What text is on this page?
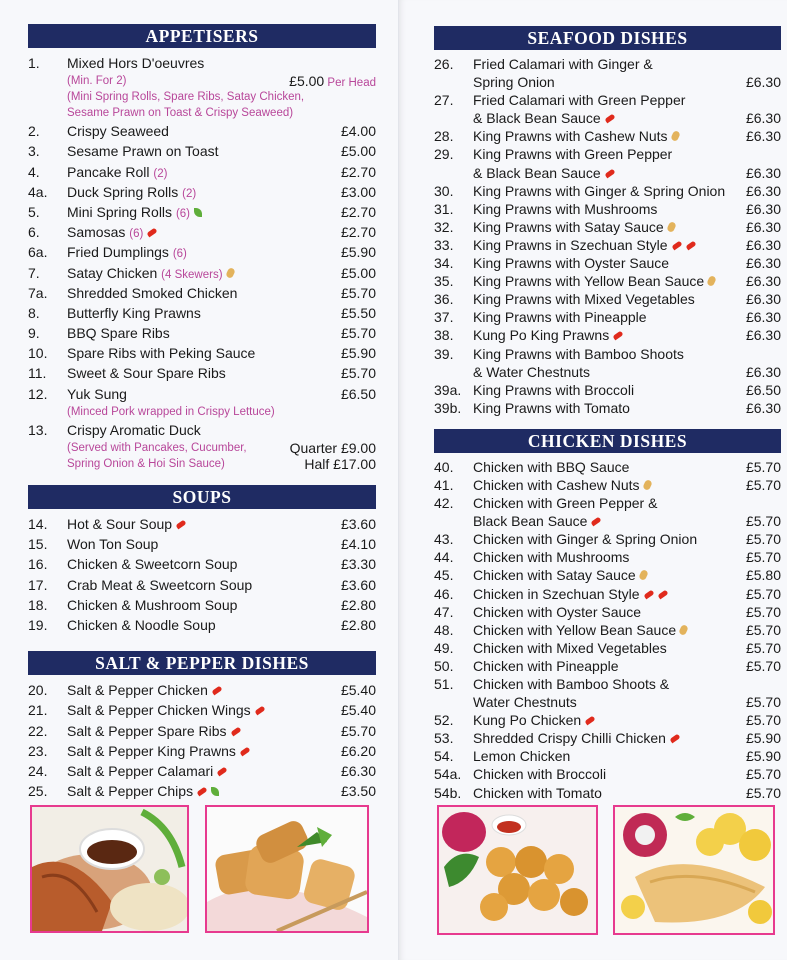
APPETISERS
1. Mixed Hors D'oeuvres
(Min. For 2)	£5.00 Per Head
(Mini Spring Rolls, Spare Ribs, Satay Chicken,
Sesame Prawn on Toast & Crispy Seaweed)
2. Crispy Seaweed	£4.00
3. Sesame Prawn on Toast	£5.00
4. Pancake Roll (2)	£2.70
4a. Duck Spring Rolls (2)	£3.00
5. Mini Spring Rolls (6)	£2.70
6. Samosas (6)	£2.70
6a. Fried Dumplings (6)	£5.90
7. Satay Chicken (4 Skewers)	£5.00
7a. Shredded Smoked Chicken	£5.70
8. Butterfly King Prawns	£5.50
9. BBQ Spare Ribs	£5.70
10. Spare Ribs with Peking Sauce	£5.90
11. Sweet & Sour Spare Ribs	£5.70
12. Yuk Sung	£6.50
(Minced Pork wrapped in Crispy Lettuce)
13. Crispy Aromatic Duck
(Served with Pancakes, Cucumber,	Quarter £9.00
Spring Onion & Hoi Sin Sauce)	Half £17.00
SOUPS
14. Hot & Sour Soup	£3.60
15. Won Ton Soup	£4.10
16. Chicken & Sweetcorn Soup	£3.30
17. Crab Meat & Sweetcorn Soup	£3.60
18. Chicken & Mushroom Soup	£2.80
19. Chicken & Noodle Soup	£2.80
SALT & PEPPER DISHES
20. Salt & Pepper Chicken	£5.40
21. Salt & Pepper Chicken Wings	£5.40
22. Salt & Pepper Spare Ribs	£5.70
23. Salt & Pepper King Prawns	£6.20
24. Salt & Pepper Calamari	£6.30
25. Salt & Pepper Chips	£3.50
SEAFOOD DISHES
26. Fried Calamari with Ginger &
Spring Onion	£6.30
27. Fried Calamari with Green Pepper
& Black Bean Sauce	£6.30
28. King Prawns with Cashew Nuts	£6.30
29. King Prawns with Green Pepper
& Black Bean Sauce	£6.30
30. King Prawns with Ginger & Spring Onion £6.30
31. King Prawns with Mushrooms	£6.30
32. King Prawns with Satay Sauce	£6.30
33. King Prawns in Szechuan Style	£6.30
34. King Prawns with Oyster Sauce	£6.30
35. King Prawns with Yellow Bean Sauce	£6.30
36. King Prawns with Mixed Vegetables	£6.30
37. King Prawns with Pineapple	£6.30
38. Kung Po King Prawns	£6.30
39. King Prawns with Bamboo Shoots
& Water Chestnuts	£6.30
39a. King Prawns with Broccoli	£6.50
39b. King Prawns with Tomato	£6.30
CHICKEN DISHES
40. Chicken with BBQ Sauce	£5.70
41. Chicken with Cashew Nuts	£5.70
42. Chicken with Green Pepper &
Black Bean Sauce	£5.70
43. Chicken with Ginger & Spring Onion	£5.70
44. Chicken with Mushrooms	£5.70
45. Chicken with Satay Sauce	£5.80
46. Chicken in Szechuan Style	£5.70
47. Chicken with Oyster Sauce	£5.70
48. Chicken with Yellow Bean Sauce	£5.70
49. Chicken with Mixed Vegetables	£5.70
50. Chicken with Pineapple	£5.70
51. Chicken with Bamboo Shoots &
Water Chestnuts	£5.70
52. Kung Po Chicken	£5.70
53. Shredded Crispy Chilli Chicken	£5.90
54. Lemon Chicken	£5.90
54a. Chicken with Broccoli	£5.70
54b. Chicken with Tomato	£5.70
